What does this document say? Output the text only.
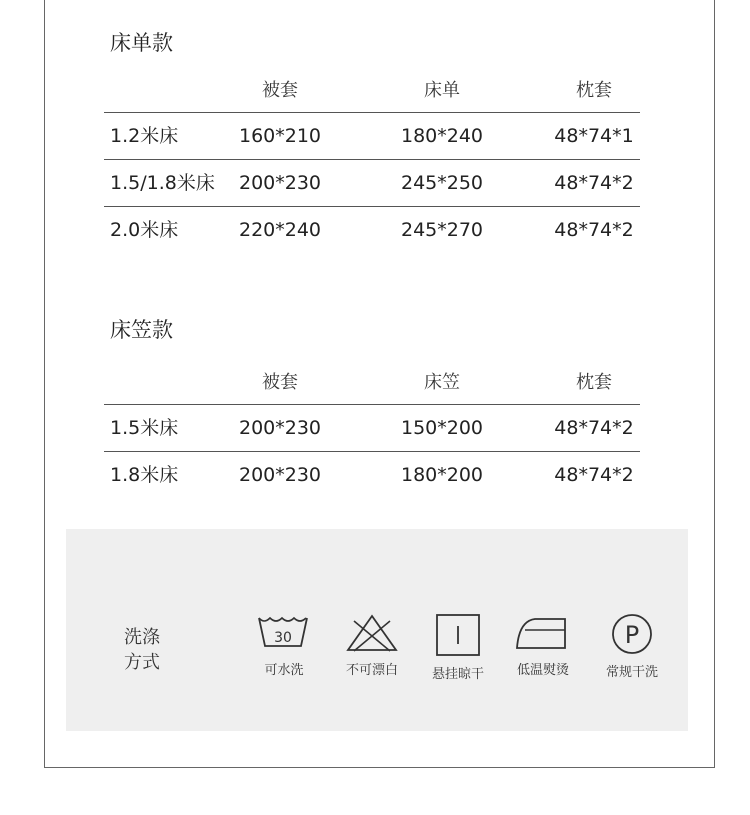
床单款
被套	床单	枕套
1.2米床	160*210	180*240	48*74*1
1.5/1.8米床 200*230	245*250	48*74*2
2.0米床	220*240	245*270	48*74*2
床笠款
被套	床笠	枕套
1.5米床	200*230	150*200	48*74*2
1.8米床	200*230	180*200	48*74*2
洗涤
方式
30
可水洗	不可漂白	悬挂晾干	低温熨烫
P
常规干洗
